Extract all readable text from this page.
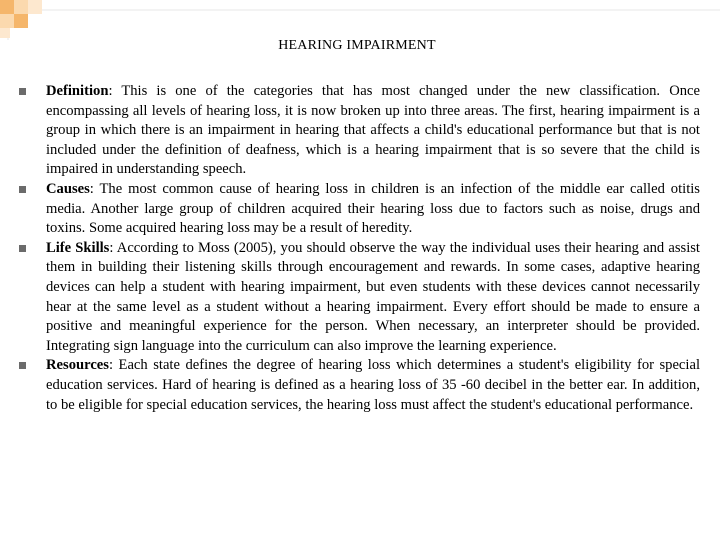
HEARING IMPAIRMENT
Definition: This is one of the categories that has most changed under the new classification. Once encompassing all levels of hearing loss, it is now broken up into three areas. The first, hearing impairment is a group in which there is an impairment in hearing that affects a child's educational performance but that is not included under the definition of deafness, which is a hearing impairment that is so severe that the child is impaired in understanding speech.
Causes: The most common cause of hearing loss in children is an infection of the middle ear called otitis media. Another large group of children acquired their hearing loss due to factors such as noise, drugs and toxins. Some acquired hearing loss may be a result of heredity.
Life Skills: According to Moss (2005), you should observe the way the individual uses their hearing and assist them in building their listening skills through encouragement and rewards. In some cases, adaptive hearing devices can help a student with hearing impairment, but even students with these devices cannot necessarily hear at the same level as a student without a hearing impairment. Every effort should be made to ensure a positive and meaningful experience for the person. When necessary, an interpreter should be provided. Integrating sign language into the curriculum can also improve the learning experience.
Resources: Each state defines the degree of hearing loss which determines a student's eligibility for special education services. Hard of hearing is defined as a hearing loss of 35 -60 decibel in the better ear. In addition, to be eligible for special education services, the hearing loss must affect the student's educational performance.
